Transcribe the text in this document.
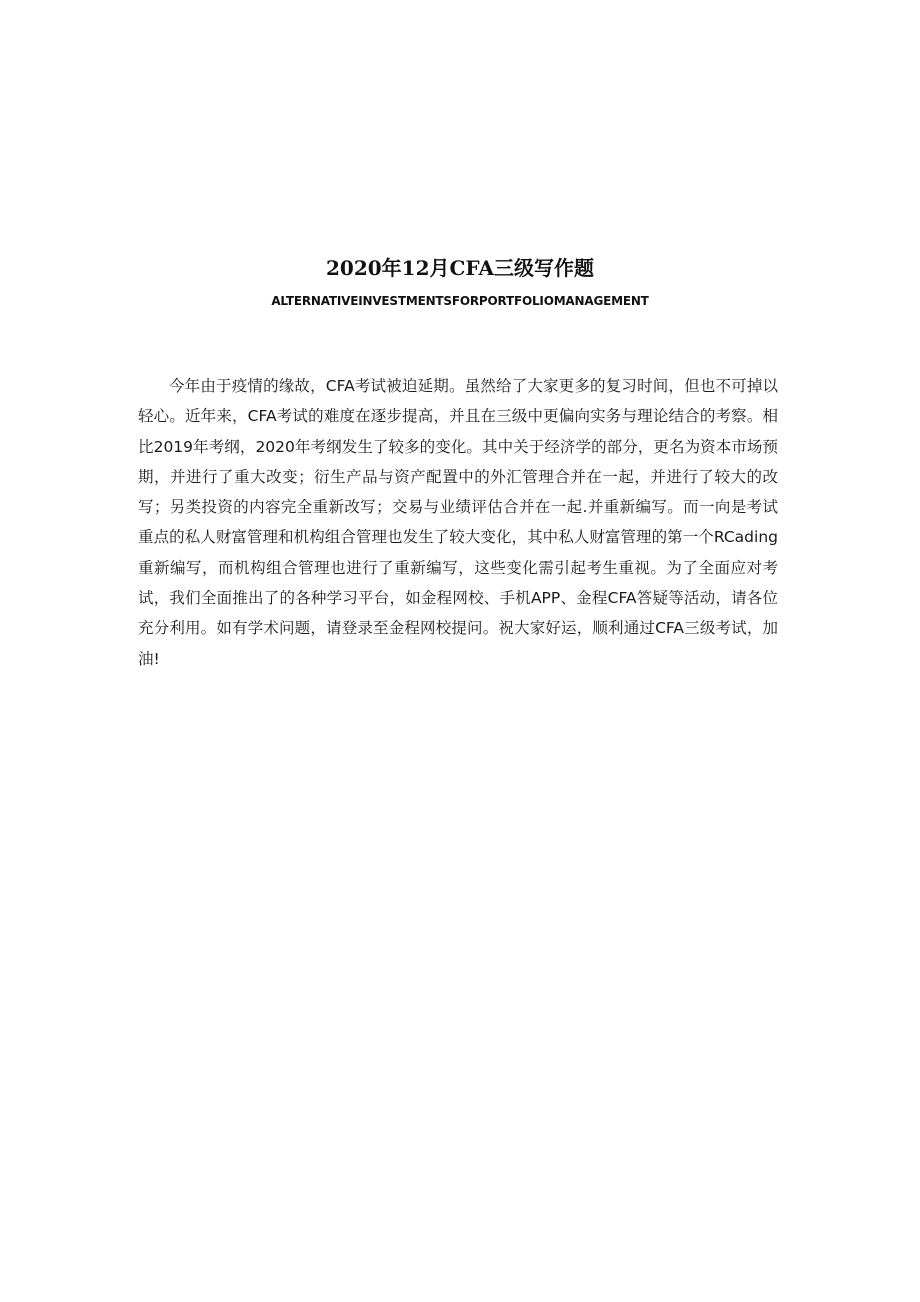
2020年12月CFA三级写作题
ALTERNATIVEINVESTMENTSFORPORTFOLIOMANAGEMENT

今年由于疫情的缘故，CFA考试被迫延期。虽然给了大家更多的复习时间，但也不可掉以轻心。近年来，CFA考试的难度在逐步提高，并且在三级中更偏向实务与理论结合的考察。相比2019年考纲，2020年考纲发生了较多的变化。其中关于经济学的部分，更名为资本市场预期，并进行了重大改变；衍生产品与资产配置中的外汇管理合并在一起，并进行了较大的改写；另类投资的内容完全重新改写；交易与业绩评估合并在一起.并重新编写。而一向是考试重点的私人财富管理和机构组合管理也发生了较大变化，其中私人财富管理的第一个RCading重新编写，而机构组合管理也进行了重新编写，这些变化需引起考生重视。为了全面应对考试，我们全面推出了的各种学习平台，如金程网校、手机APP、金程CFA答疑等活动，请各位充分利用。如有学术问题，请登录至金程网校提问。祝大家好运，顺利通过CFA三级考试，加油!
